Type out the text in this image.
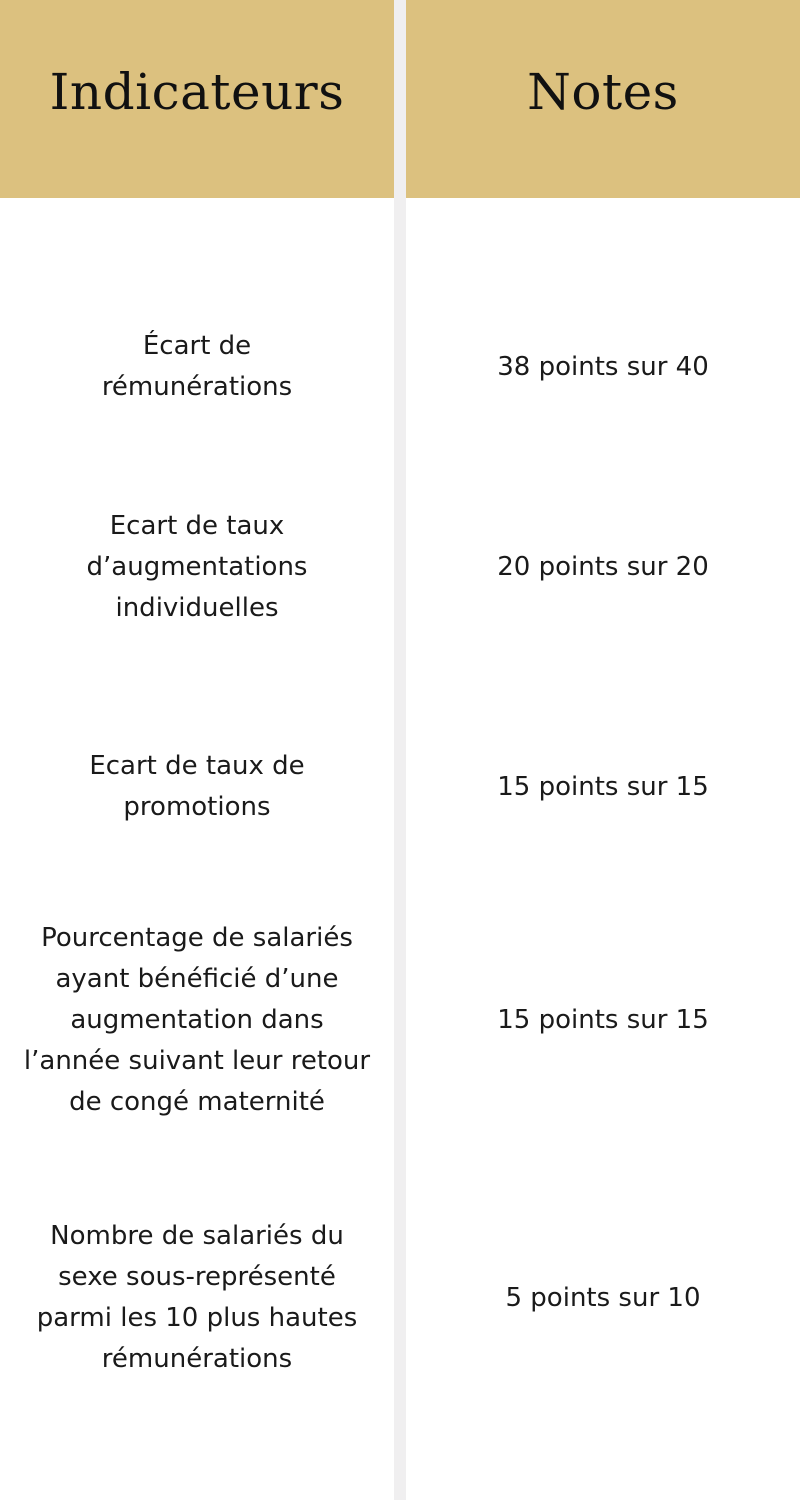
Indicateurs	Notes
Écart de
rémunérations
38 points sur 40
Ecart de taux
d’augmentations
individuelles
20 points sur 20
Ecart de taux de
promotions
15 points sur 15
Pourcentage de salariés
ayant bénéficié d’une
augmentation dans
l’année suivant leur retour
de congé maternité
15 points sur 15
Nombre de salariés du
sexe sous-représenté
parmi les 10 plus hautes
rémunérations
5 points sur 10
